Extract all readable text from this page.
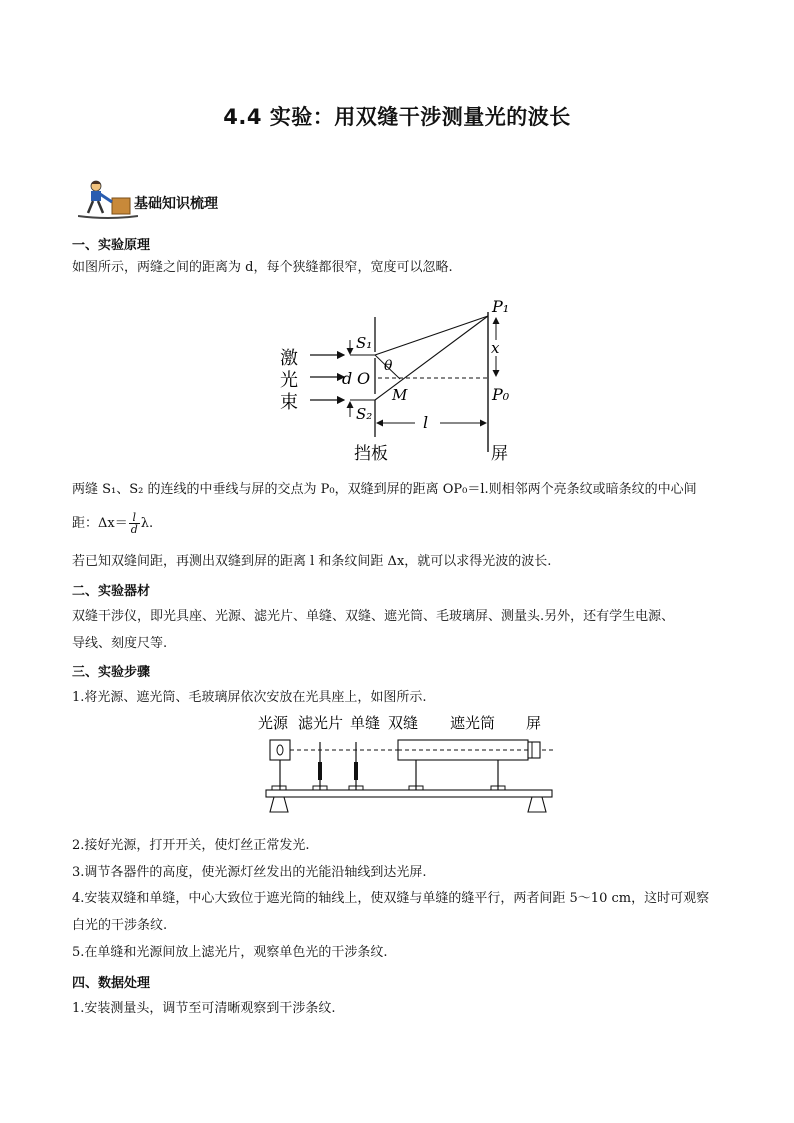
4.4 实验：用双缝干涉测量光的波长
基础知识梳理
一、实验原理
如图所示，两缝之间的距离为 d，每个狭缝都很窄，宽度可以忽略.
激
光
束
S₁
S₂
d O
θ
M
P₁
P₀
x
l
挡板	屏
两缝 S₁、S₂ 的连线的中垂线与屏的交点为 P₀，双缝到屏的距离 OP₀＝l.则相邻两个亮条纹或暗条纹的中心间
距：$\Delta x= \frac{l}{d} \lambda$.
若已知双缝间距，再测出双缝到屏的距离 l 和条纹间距 Δx，就可以求得光波的波长.
二、实验器材
双缝干涉仪，即光具座、光源、滤光片、单缝、双缝、遮光筒、毛玻璃屏、测量头.另外，还有学生电源、
导线、刻度尺等.
三、实验步骤
1.将光源、遮光筒、毛玻璃屏依次安放在光具座上，如图所示.
光源 滤光片 单缝 双缝 遮光筒 屏
2.接好光源，打开开关，使灯丝正常发光.
3.调节各器件的高度，使光源灯丝发出的光能沿轴线到达光屏.
4.安装双缝和单缝，中心大致位于遮光筒的轴线上，使双缝与单缝的缝平行，两者间距 5～10 cm，这时可观察
白光的干涉条纹.
5.在单缝和光源间放上滤光片，观察单色光的干涉条纹.
四、数据处理
1.安装测量头，调节至可清晰观察到干涉条纹.
